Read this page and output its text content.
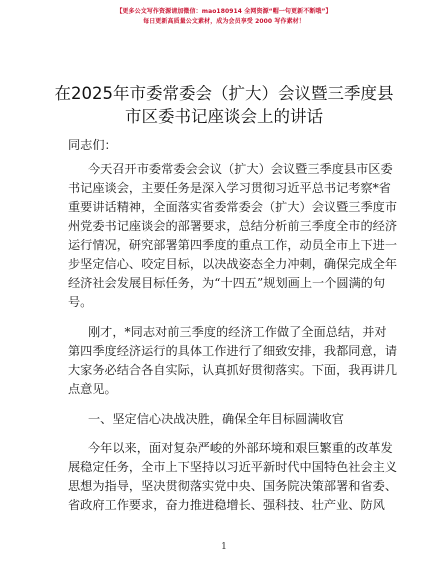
【更多公文写作资源请加微信：mao180914 全网资源“帽一句更新不断哦”】
每日更新高质量公文素材，成为会员享受 2000 写作素材！
在2025年市委常委会（扩大）会议暨三季度县
市区委书记座谈会上的讲话
同志们：
今天召开市委常委会会议（扩大）会议暨三季度县市区委
书记座谈会，主要任务是深入学习贯彻习近平总书记考察*省
重要讲话精神，全面落实省委常委会（扩大）会议暨三季度市
州党委书记座谈会的部署要求，总结分析前三季度全市的经济
运行情况，研究部署第四季度的重点工作，动员全市上下进一
步坚定信心、咬定目标，以决战姿态全力冲刺，确保完成全年
经济社会发展目标任务，为“十四五”规划画上一个圆满的句
号。
刚才，*同志对前三季度的经济工作做了全面总结，并对
第四季度经济运行的具体工作进行了细致安排，我都同意，请
大家务必结合各自实际，认真抓好贯彻落实。下面，我再讲几
点意见。
一、坚定信心决战决胜，确保全年目标圆满收官
今年以来，面对复杂严峻的外部环境和艰巨繁重的改革发
展稳定任务，全市上下坚持以习近平新时代中国特色社会主义
思想为指导，坚决贯彻落实党中央、国务院决策部署和省委、
省政府工作要求，奋力推进稳增长、强科技、壮产业、防风
1
